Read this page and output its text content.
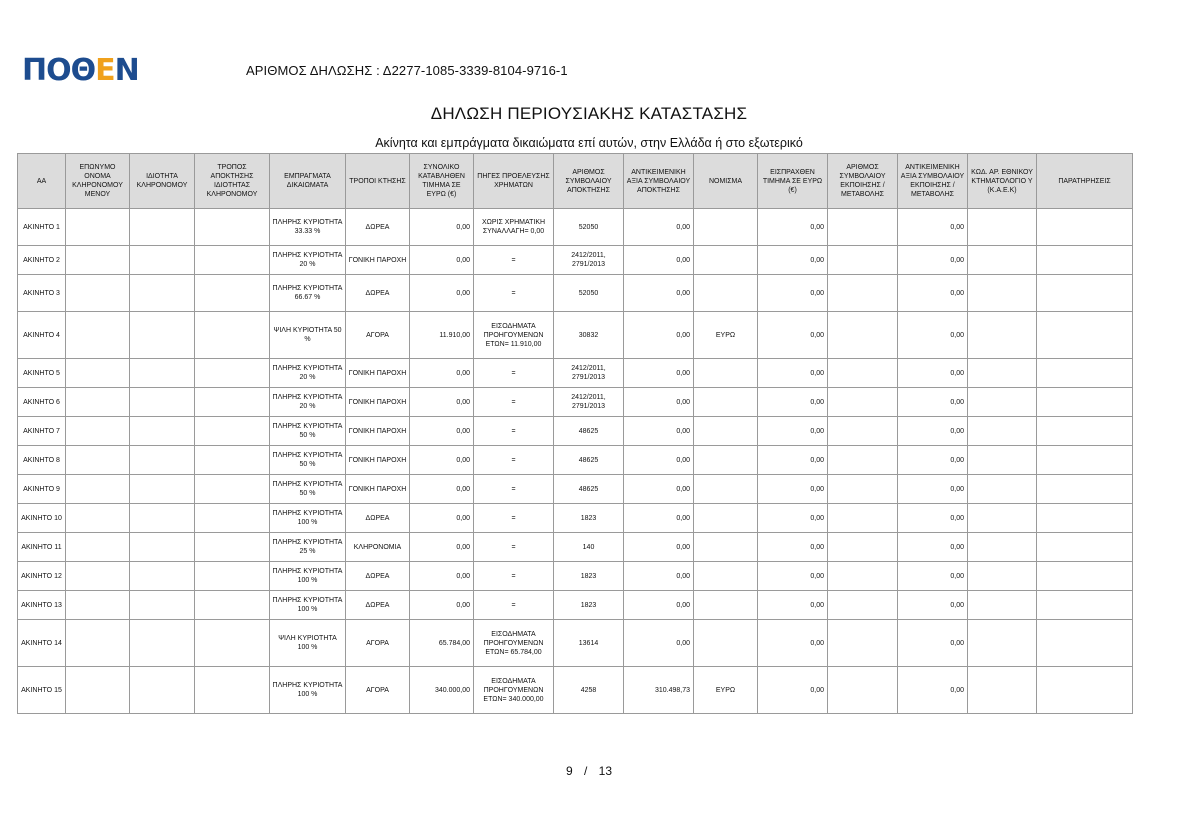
ΠΟΘΕΝ	ΑΡΙΘΜΟΣ ΔΗΛΩΣΗΣ : Δ2277-1085-3339-8104-9716-1
ΔΗΛΩΣΗ ΠΕΡΙΟΥΣΙΑΚΗΣ ΚΑΤΑΣΤΑΣΗΣ
Ακίνητα και εμπράγματα δικαιώματα επί αυτών, στην Ελλάδα ή στο εξωτερικό
ΑΑ	ΕΠΩΝΥΜΟ ΟΝΟΜΑ ΚΛΗΡΟΝΟΜΟΥ ΜΕΝΟΥ	ΙΔΙΟΤΗΤΑ ΚΛΗΡΟΝΟΜΟΥ	ΤΡΟΠΟΣ ΑΠΟΚΤΗΣΗΣ ΙΔΙΟΤΗΤΑΣ ΚΛΗΡΟΝΟΜΟΥ	ΕΜΠΡΑΓΜΑΤΑ ΔΙΚΑΙΩΜΑΤΑ	ΤΡΟΠΟΙ ΚΤΗΣΗΣ	ΣΥΝΟΛΙΚΟ ΚΑΤΑΒΛΗΘΕΝ ΤΙΜΗΜΑ ΣΕ ΕΥΡΩ (€)	ΠΗΓΕΣ ΠΡΟΕΛΕΥΣΗΣ ΧΡΗΜΑΤΩΝ	ΑΡΙΘΜΟΣ ΣΥΜΒΟΛΑΙΟΥ ΑΠΟΚΤΗΣΗΣ	ΑΝΤΙΚΕΙΜΕΝΙΚΗ ΑΞΙΑ ΣΥΜΒΟΛΑΙΟΥ ΑΠΟΚΤΗΣΗΣ	ΝΟΜΙΣΜΑ	ΕΙΣΠΡΑΧΘΕΝ ΤΙΜΗΜΑ ΣΕ ΕΥΡΩ (€)	ΑΡΙΘΜΟΣ ΣΥΜΒΟΛΑΙΟΥ ΕΚΠΟΙΗΣΗΣ /ΜΕΤΑΒΟΛΗΣ	ΑΝΤΙΚΕΙΜΕΝΙΚΗ ΑΞΙΑ ΣΥΜΒΟΛΑΙΟΥ ΕΚΠΟΙΗΣΗΣ / ΜΕΤΑΒΟΛΗΣ	ΚΩΔ. ΑΡ. ΕΘΝΙΚΟΥ ΚΤΗΜΑΤΟΛΟΓΙΟ Υ (Κ.Α.Ε.Κ)	ΠΑΡΑΤΗΡΗΣΕΙΣ
ΑΚΙΝΗΤΟ 1				ΠΛΗΡΗΣ ΚΥΡΙΟΤΗΤΑ 33.33 %	ΔΩΡΕΑ	0,00	ΧΩΡΙΣ ΧΡΗΜΑΤΙΚΗ ΣΥΝΑΛΛΑΓΗ= 0,00	52050	0,00		0,00		0,00		
ΑΚΙΝΗΤΟ 2				ΠΛΗΡΗΣ ΚΥΡΙΟΤΗΤΑ 20 %	ΓΟΝΙΚΗ ΠΑΡΟΧΗ	0,00	=	2412/2011, 2791/2013	0,00		0,00		0,00		
ΑΚΙΝΗΤΟ 3				ΠΛΗΡΗΣ ΚΥΡΙΟΤΗΤΑ 66.67 %	ΔΩΡΕΑ	0,00	=	52050	0,00		0,00		0,00		
ΑΚΙΝΗΤΟ 4				ΨΙΛΗ ΚΥΡΙΟΤΗΤΑ 50 %	ΑΓΟΡΑ	11.910,00	ΕΙΣΟΔΗΜΑΤΑ ΠΡΟΗΓΟΥΜΕΝΩΝ ΕΤΩΝ= 11.910,00	30832	0,00	ΕΥΡΩ	0,00		0,00		
ΑΚΙΝΗΤΟ 5				ΠΛΗΡΗΣ ΚΥΡΙΟΤΗΤΑ 20 %	ΓΟΝΙΚΗ ΠΑΡΟΧΗ	0,00	=	2412/2011, 2791/2013	0,00		0,00		0,00		
ΑΚΙΝΗΤΟ 6				ΠΛΗΡΗΣ ΚΥΡΙΟΤΗΤΑ 20 %	ΓΟΝΙΚΗ ΠΑΡΟΧΗ	0,00	=	2412/2011, 2791/2013	0,00		0,00		0,00		
ΑΚΙΝΗΤΟ 7				ΠΛΗΡΗΣ ΚΥΡΙΟΤΗΤΑ 50 %	ΓΟΝΙΚΗ ΠΑΡΟΧΗ	0,00	=	48625	0,00		0,00		0,00		
ΑΚΙΝΗΤΟ 8				ΠΛΗΡΗΣ ΚΥΡΙΟΤΗΤΑ 50 %	ΓΟΝΙΚΗ ΠΑΡΟΧΗ	0,00	=	48625	0,00		0,00		0,00		
ΑΚΙΝΗΤΟ 9				ΠΛΗΡΗΣ ΚΥΡΙΟΤΗΤΑ 50 %	ΓΟΝΙΚΗ ΠΑΡΟΧΗ	0,00	=	48625	0,00		0,00		0,00		
ΑΚΙΝΗΤΟ 10				ΠΛΗΡΗΣ ΚΥΡΙΟΤΗΤΑ 100 %	ΔΩΡΕΑ	0,00	=	1823	0,00		0,00		0,00		
ΑΚΙΝΗΤΟ 11				ΠΛΗΡΗΣ ΚΥΡΙΟΤΗΤΑ 25 %	ΚΛΗΡΟΝΟΜΙΑ	0,00	=	140	0,00		0,00		0,00		
ΑΚΙΝΗΤΟ 12				ΠΛΗΡΗΣ ΚΥΡΙΟΤΗΤΑ 100 %	ΔΩΡΕΑ	0,00	=	1823	0,00		0,00		0,00		
ΑΚΙΝΗΤΟ 13				ΠΛΗΡΗΣ ΚΥΡΙΟΤΗΤΑ 100 %	ΔΩΡΕΑ	0,00	=	1823	0,00		0,00		0,00		
ΑΚΙΝΗΤΟ 14				ΨΙΛΗ ΚΥΡΙΟΤΗΤΑ 100 %	ΑΓΟΡΑ	65.784,00	ΕΙΣΟΔΗΜΑΤΑ ΠΡΟΗΓΟΥΜΕΝΩΝ ΕΤΩΝ= 65.784,00	13614	0,00		0,00		0,00		
ΑΚΙΝΗΤΟ 15				ΠΛΗΡΗΣ ΚΥΡΙΟΤΗΤΑ 100 %	ΑΓΟΡΑ	340.000,00	ΕΙΣΟΔΗΜΑΤΑ ΠΡΟΗΓΟΥΜΕΝΩΝ ΕΤΩΝ= 340.000,00	4258	310.498,73	ΕΥΡΩ	0,00		0,00		
9 / 13
